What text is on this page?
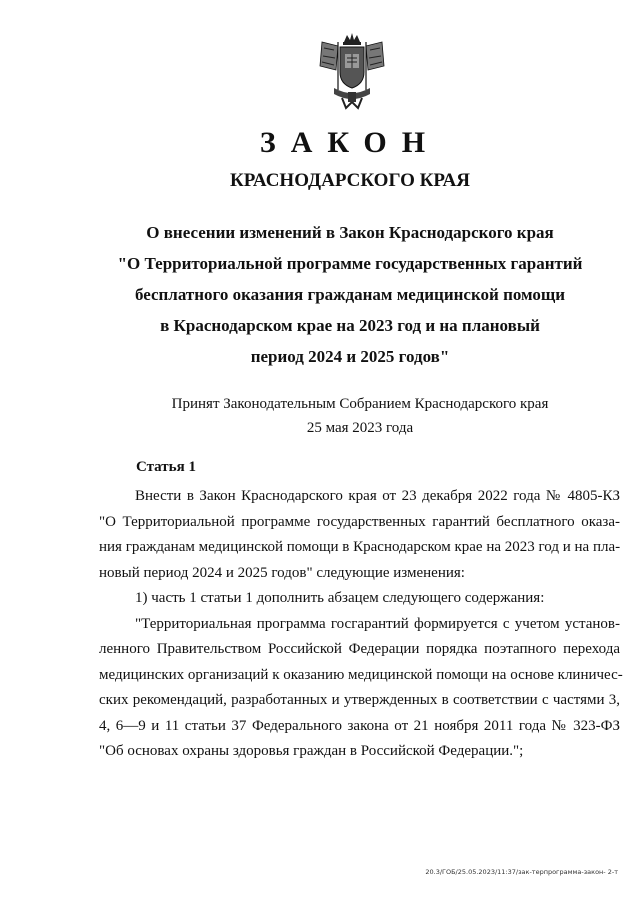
ЗАКОН
КРАСНОДАРСКОГО КРАЯ
О внесении изменений в Закон Краснодарского края
"О Территориальной программе государственных гарантий
бесплатного оказания гражданам медицинской помощи
в Краснодарском крае на 2023 год и на плановый
период 2024 и 2025 годов"
Принят Законодательным Собранием Краснодарского края
25 мая 2023 года
Статья 1
Внести в Закон Краснодарского края от 23 декабря 2022 года № 4805-КЗ
"О Территориальной программе государственных гарантий бесплатного оказа-
ния гражданам медицинской помощи в Краснодарском крае на 2023 год и на пла-
новый период 2024 и 2025 годов" следующие изменения:
1) часть 1 статьи 1 дополнить абзацем следующего содержания:
"Территориальная программа госгарантий формируется с учетом установ-
ленного Правительством Российской Федерации порядка поэтапного перехода
медицинских организаций к оказанию медицинской помощи на основе клиничес-
ских рекомендаций, разработанных и утвержденных в соответствии с частями 3,
4, 6—9 и 11 статьи 37 Федерального закона от 21 ноября 2011 года № 323-ФЗ
"Об основах охраны здоровья граждан в Российской Федерации.";
20.3/ГОБ/25.05.2023/11:37/зак-терпрограмма-закон- 2-т
